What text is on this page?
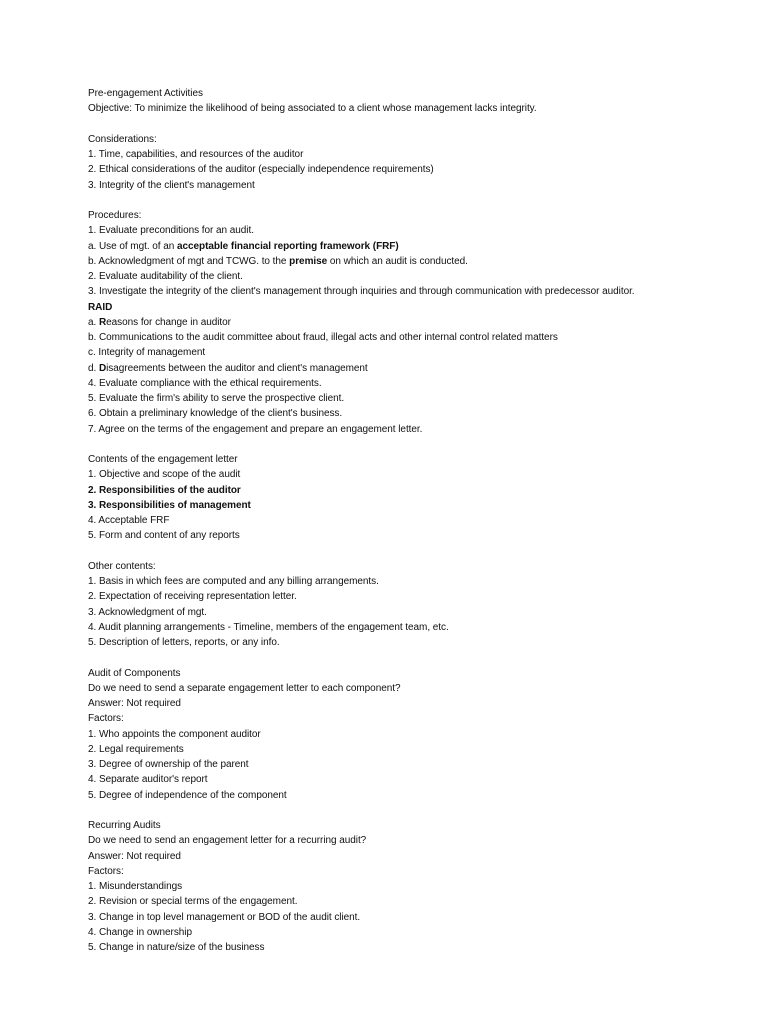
Pre-engagement Activities
Objective: To minimize the likelihood of being associated to a client whose management lacks integrity.
Considerations:
1. Time, capabilities, and resources of the auditor
2. Ethical considerations of the auditor (especially independence requirements)
3. Integrity of the client's management
Procedures:
1. Evaluate preconditions for an audit.
a. Use of mgt. of an acceptable financial reporting framework (FRF)
b. Acknowledgment of mgt and TCWG. to the premise on which an audit is conducted.
2. Evaluate auditability of the client.
3. Investigate the integrity of the client's management through inquiries and through communication with predecessor auditor.
RAID
a. Reasons for change in auditor
b. Communications to the audit committee about fraud, illegal acts and other internal control related matters
c. Integrity of management
d. Disagreements between the auditor and client's management
4. Evaluate compliance with the ethical requirements.
5. Evaluate the firm's ability to serve the prospective client.
6. Obtain a preliminary knowledge of the client's business.
7. Agree on the terms of the engagement and prepare an engagement letter.
Contents of the engagement letter
1. Objective and scope of the audit
2. Responsibilities of the auditor
3. Responsibilities of management
4. Acceptable FRF
5. Form and content of any reports
Other contents:
1. Basis in which fees are computed and any billing arrangements.
2. Expectation of receiving representation letter.
3. Acknowledgment of mgt.
4. Audit planning arrangements - Timeline, members of the engagement team, etc.
5. Description of letters, reports, or any info.
Audit of Components
Do we need to send a separate engagement letter to each component?
Answer: Not required
Factors:
1. Who appoints the component auditor
2. Legal requirements
3. Degree of ownership of the parent
4. Separate auditor's report
5. Degree of independence of the component
Recurring Audits
Do we need to send an engagement letter for a recurring audit?
Answer: Not required
Factors:
1. Misunderstandings
2. Revision or special terms of the engagement.
3. Change in top level management or BOD of the audit client.
4. Change in ownership
5. Change in nature/size of the business
